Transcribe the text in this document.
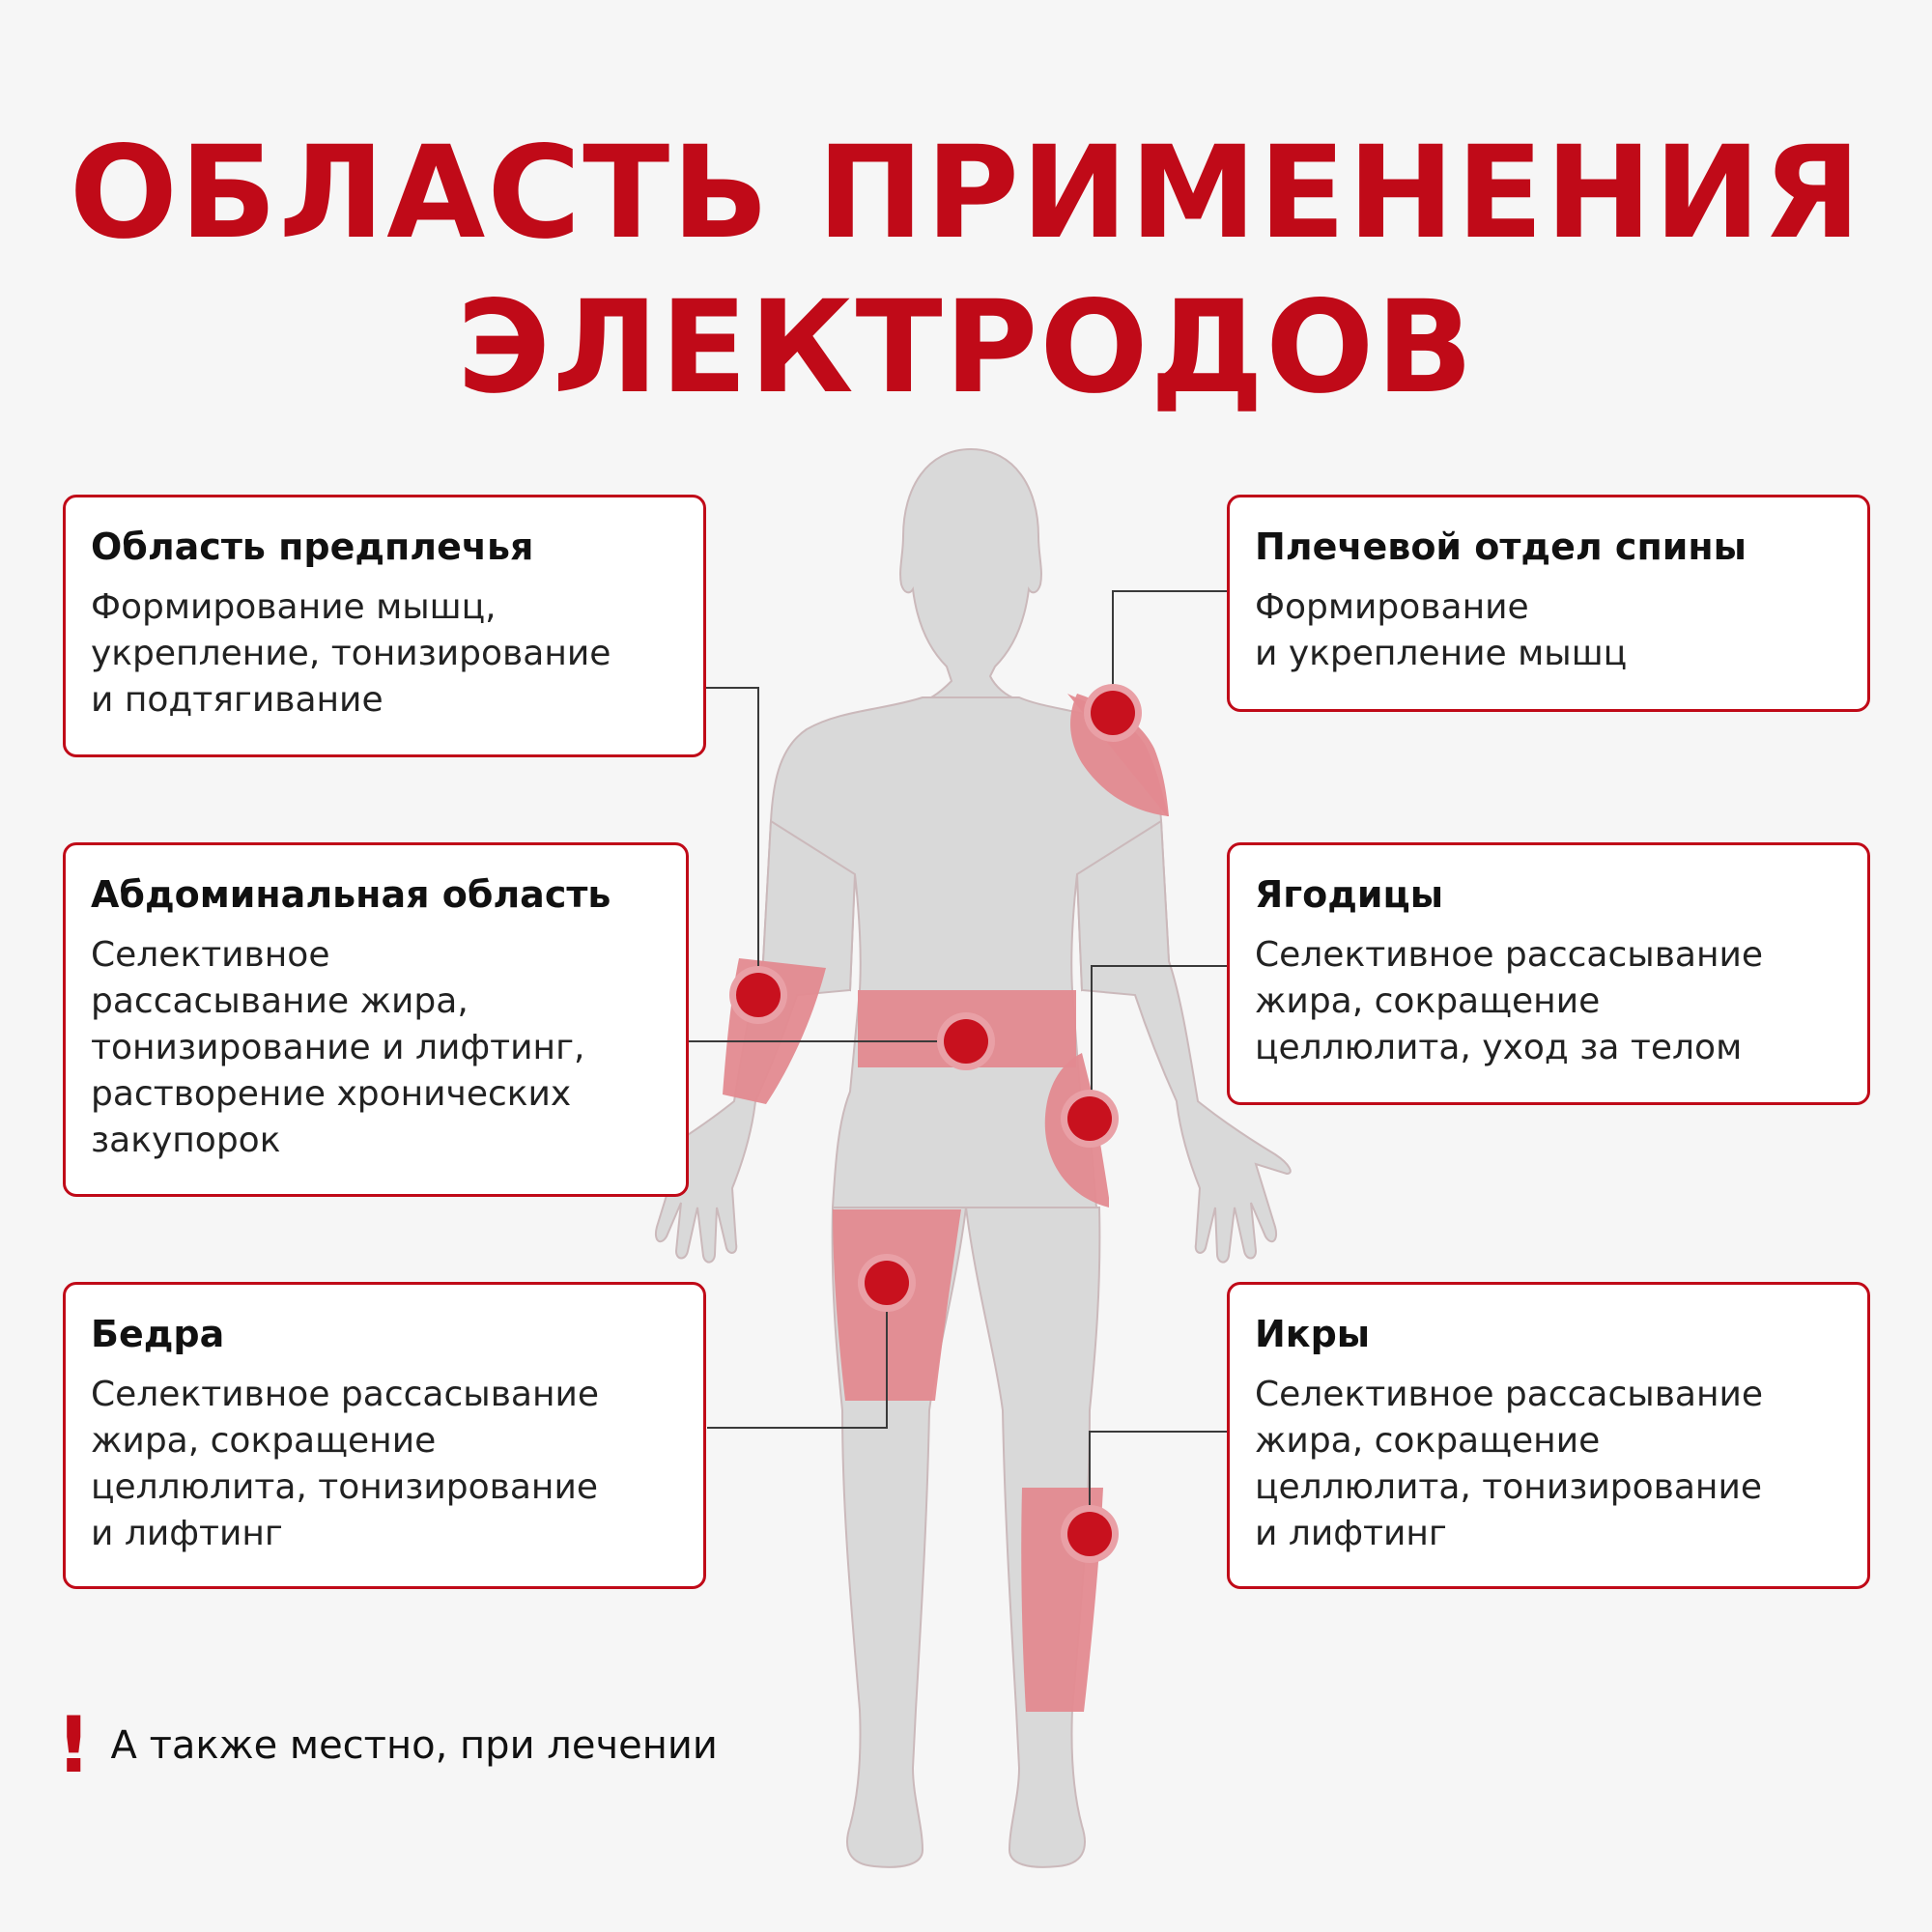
ОБЛАСТЬ ПРИМЕНЕНИЯ
ЭЛЕКТРОДОВ

Область предплечья

Формирование мышц,
укрепление, тонизирование
и подтягивание

Абдоминальная область

Селективное
рассасывание жира,
тонизирование и лифтинг,
растворение хронических
закупорок

Бедра

Селективное рассасывание
жира, сокращение
целлюлита, тонизирование
и лифтинг

Плечевой отдел спины

Формирование
и укрепление мышц

Ягодицы

Селективное рассасывание
жира, сокращение
целлюлита, уход за телом

Икры

Селективное рассасывание
жира, сокращение
целлюлита, тонизирование
и лифтинг

! А также местно, при лечении
